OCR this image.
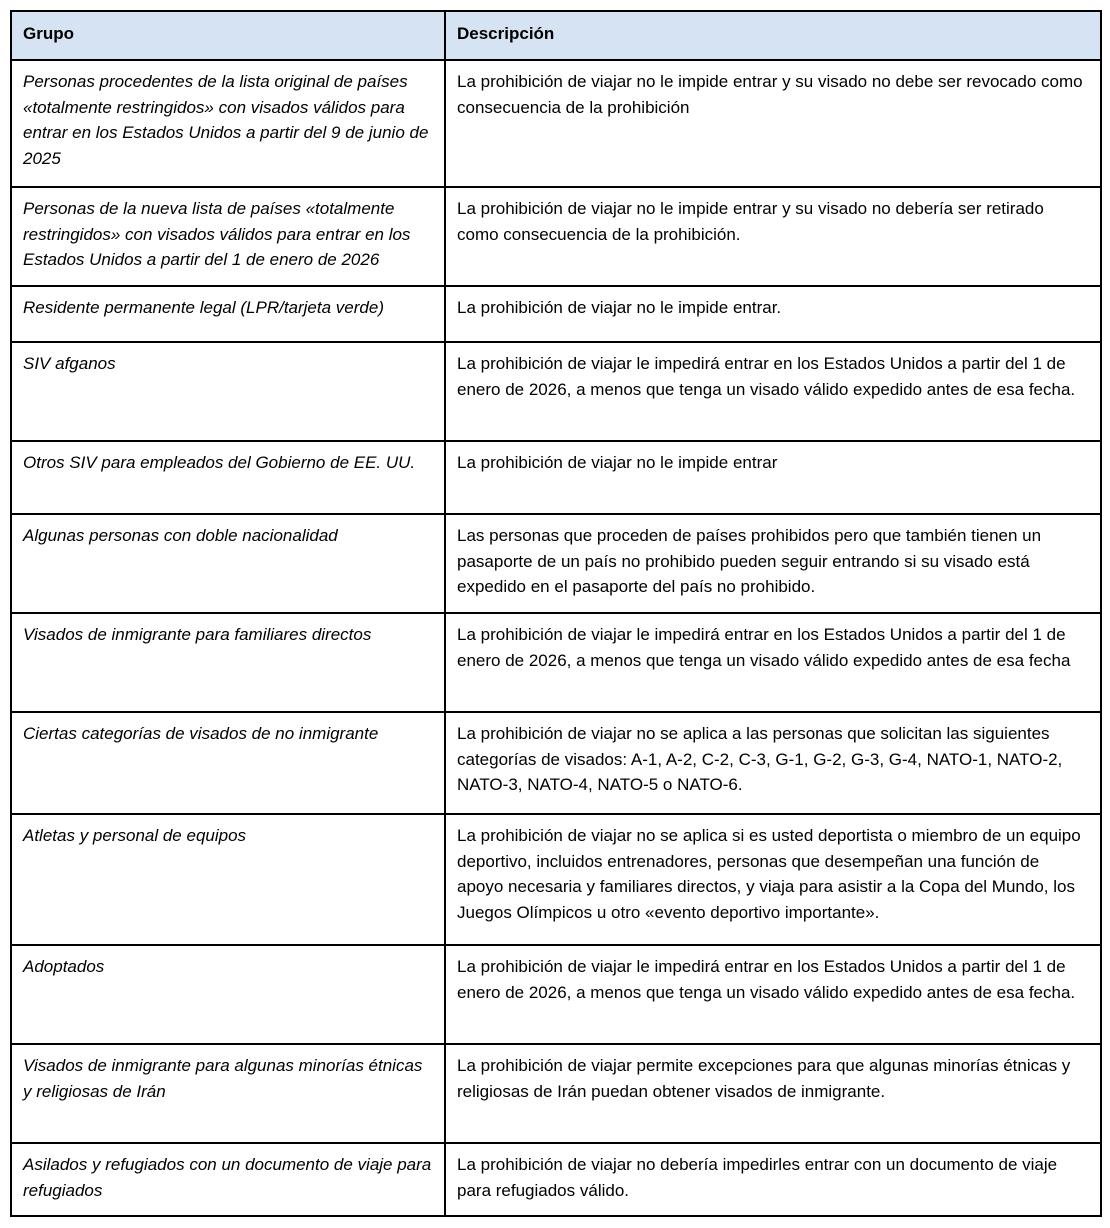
Grupo	Descripción
Personas procedentes de la lista original de países «totalmente restringidos» con visados válidos para entrar en los Estados Unidos a partir del 9 de junio de 2025	La prohibición de viajar no le impide entrar y su visado no debe ser revocado como consecuencia de la prohibición
Personas de la nueva lista de países «totalmente restringidos» con visados válidos para entrar en los Estados Unidos a partir del 1 de enero de 2026	La prohibición de viajar no le impide entrar y su visado no debería ser retirado como consecuencia de la prohibición.
Residente permanente legal (LPR/tarjeta verde)	La prohibición de viajar no le impide entrar.
SIV afganos	La prohibición de viajar le impedirá entrar en los Estados Unidos a partir del 1 de enero de 2026, a menos que tenga un visado válido expedido antes de esa fecha.
Otros SIV para empleados del Gobierno de EE. UU.	La prohibición de viajar no le impide entrar
Algunas personas con doble nacionalidad	Las personas que proceden de países prohibidos pero que también tienen un pasaporte de un país no prohibido pueden seguir entrando si su visado está expedido en el pasaporte del país no prohibido.
Visados de inmigrante para familiares directos	La prohibición de viajar le impedirá entrar en los Estados Unidos a partir del 1 de enero de 2026, a menos que tenga un visado válido expedido antes de esa fecha
Ciertas categorías de visados de no inmigrante	La prohibición de viajar no se aplica a las personas que solicitan las siguientes categorías de visados: A-1, A-2, C-2, C-3, G-1, G-2, G-3, G-4, NATO-1, NATO-2, NATO-3, NATO-4, NATO-5 o NATO-6.
Atletas y personal de equipos	La prohibición de viajar no se aplica si es usted deportista o miembro de un equipo deportivo, incluidos entrenadores, personas que desempeñan una función de apoyo necesaria y familiares directos, y viaja para asistir a la Copa del Mundo, los Juegos Olímpicos u otro «evento deportivo importante».
Adoptados	La prohibición de viajar le impedirá entrar en los Estados Unidos a partir del 1 de enero de 2026, a menos que tenga un visado válido expedido antes de esa fecha.
Visados de inmigrante para algunas minorías étnicas y religiosas de Irán	La prohibición de viajar permite excepciones para que algunas minorías étnicas y religiosas de Irán puedan obtener visados de inmigrante.
Asilados y refugiados con un documento de viaje para refugiados	La prohibición de viajar no debería impedirles entrar con un documento de viaje para refugiados válido.
